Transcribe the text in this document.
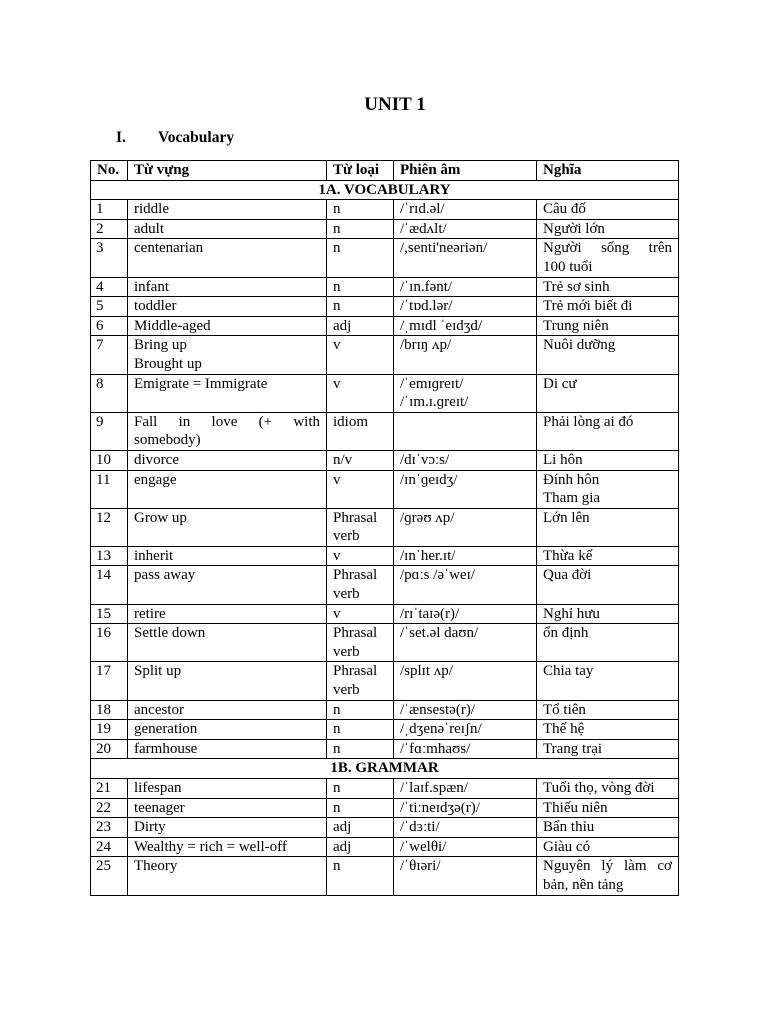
UNIT 1
I. Vocabulary
No.	Từ vựng	Từ loại	Phiên âm	Nghĩa
1A. VOCABULARY				
1	riddle	n	/ˈrɪd.əl/	Câu đố

2	adult	n	/ˈædʌlt/	Người lớn

3	centenarian	n	/,senti'neəriən/	Người sống trên
100 tuổi

4	infant	n	/ˈɪn.fənt/	Trẻ sơ sinh

5	toddler	n	/ˈtɒd.lər/	Trẻ mới biết đi

6	Middle-aged	adj	/ˌmɪdl ˈeɪdʒd/	Trung niên

7	Bring up
Brought up	v	/brɪŋ ʌp/	Nuôi dưỡng

8	Emigrate = Immigrate	v	/ˈemɪɡreɪt/
/ˈɪm.ɪ.ɡreɪt/	Di cư

9	Fall in love (+ with
somebody)	idiom		Phải lòng ai đó

10	divorce	n/v	/dɪˈvɔːs/	Li hôn

11	engage	v	/ɪnˈɡeɪdʒ/	Đính hôn
Tham gia

12	Grow up	Phrasal
verb	/ɡrəʊ ʌp/	Lớn lên

13	inherit	v	/ɪnˈher.ɪt/	Thừa kế

14	pass away	Phrasal
verb	/pɑːs /əˈweɪ/	Qua đời

15	retire	v	/rɪˈtaɪə(r)/	Nghỉ hưu

16	Settle down	Phrasal
verb	/ˈset.əl daʊn/	ổn định

17	Split up	Phrasal
verb	/splɪt ʌp/	Chia tay

18	ancestor	n	/ˈænsestə(r)/	Tổ tiên

19	generation	n	/ˌdʒenəˈreɪʃn/	Thế hệ

20	farmhouse	n	/ˈfɑːmhaʊs/	Trang trại

1B. GRAMMAR				
21	lifespan	n	/ˈlaɪf.spæn/	Tuổi thọ, vòng đời

22	teenager	n	/ˈtiːneɪdʒə(r)/	Thiếu niên

23	Dirty	adj	/ˈdɜːti/	Bẩn thỉu

24	Wealthy = rich = well-off	adj	/ˈwelθi/	Giàu có

25	Theory	n	/ˈθɪəri/	Nguyên lý làm cơ
bản, nền tảng
